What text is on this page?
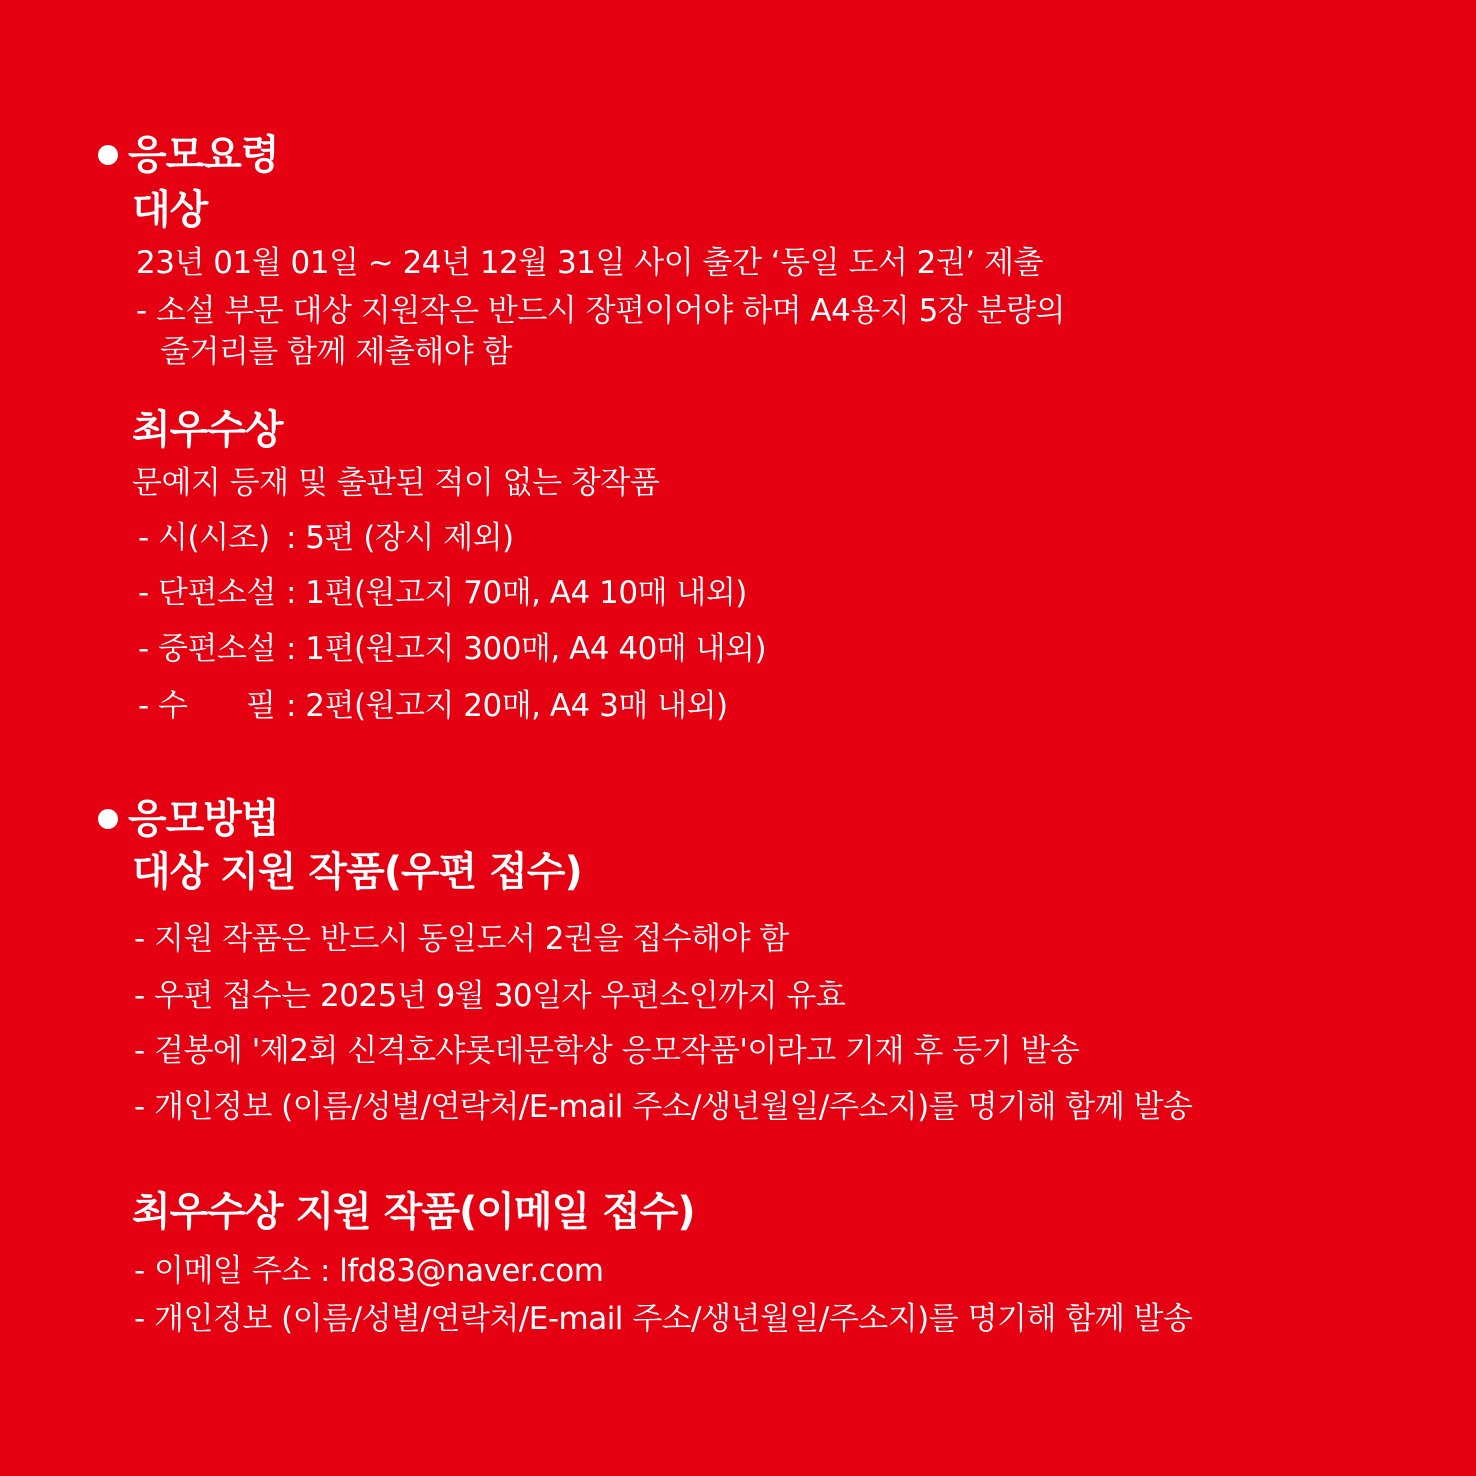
응모요령
대상
23년 01월 01일 ~ 24년 12월 31일 사이 출간 ‘동일 도서 2권’ 제출
- 소설 부문 대상 지원작은 반드시 장편이어야 하며 A4용지 5장 분량의
줄거리를 함께 제출해야 함
최우수상
문예지 등재 및 출판된 적이 없는 창작품
- 시(시조) : 5편 (장시 제외)
- 단편소설 : 1편(원고지 70매, A4 10매 내외)
- 중편소설 : 1편(원고지 300매, A4 40매 내외)
- 수 필 : 2편(원고지 20매, A4 3매 내외)
응모방법
대상 지원 작품(우편 접수)
- 지원 작품은 반드시 동일도서 2권을 접수해야 함
- 우편 접수는 2025년 9월 30일자 우편소인까지 유효
- 겉봉에 '제2회 신격호샤롯데문학상 응모작품'이라고 기재 후 등기 발송
- 개인정보 (이름/성별/연락처/E-mail 주소/생년월일/주소지)를 명기해 함께 발송
최우수상 지원 작품(이메일 접수)
- 이메일 주소 : lfd83@naver.com
- 개인정보 (이름/성별/연락처/E-mail 주소/생년월일/주소지)를 명기해 함께 발송
